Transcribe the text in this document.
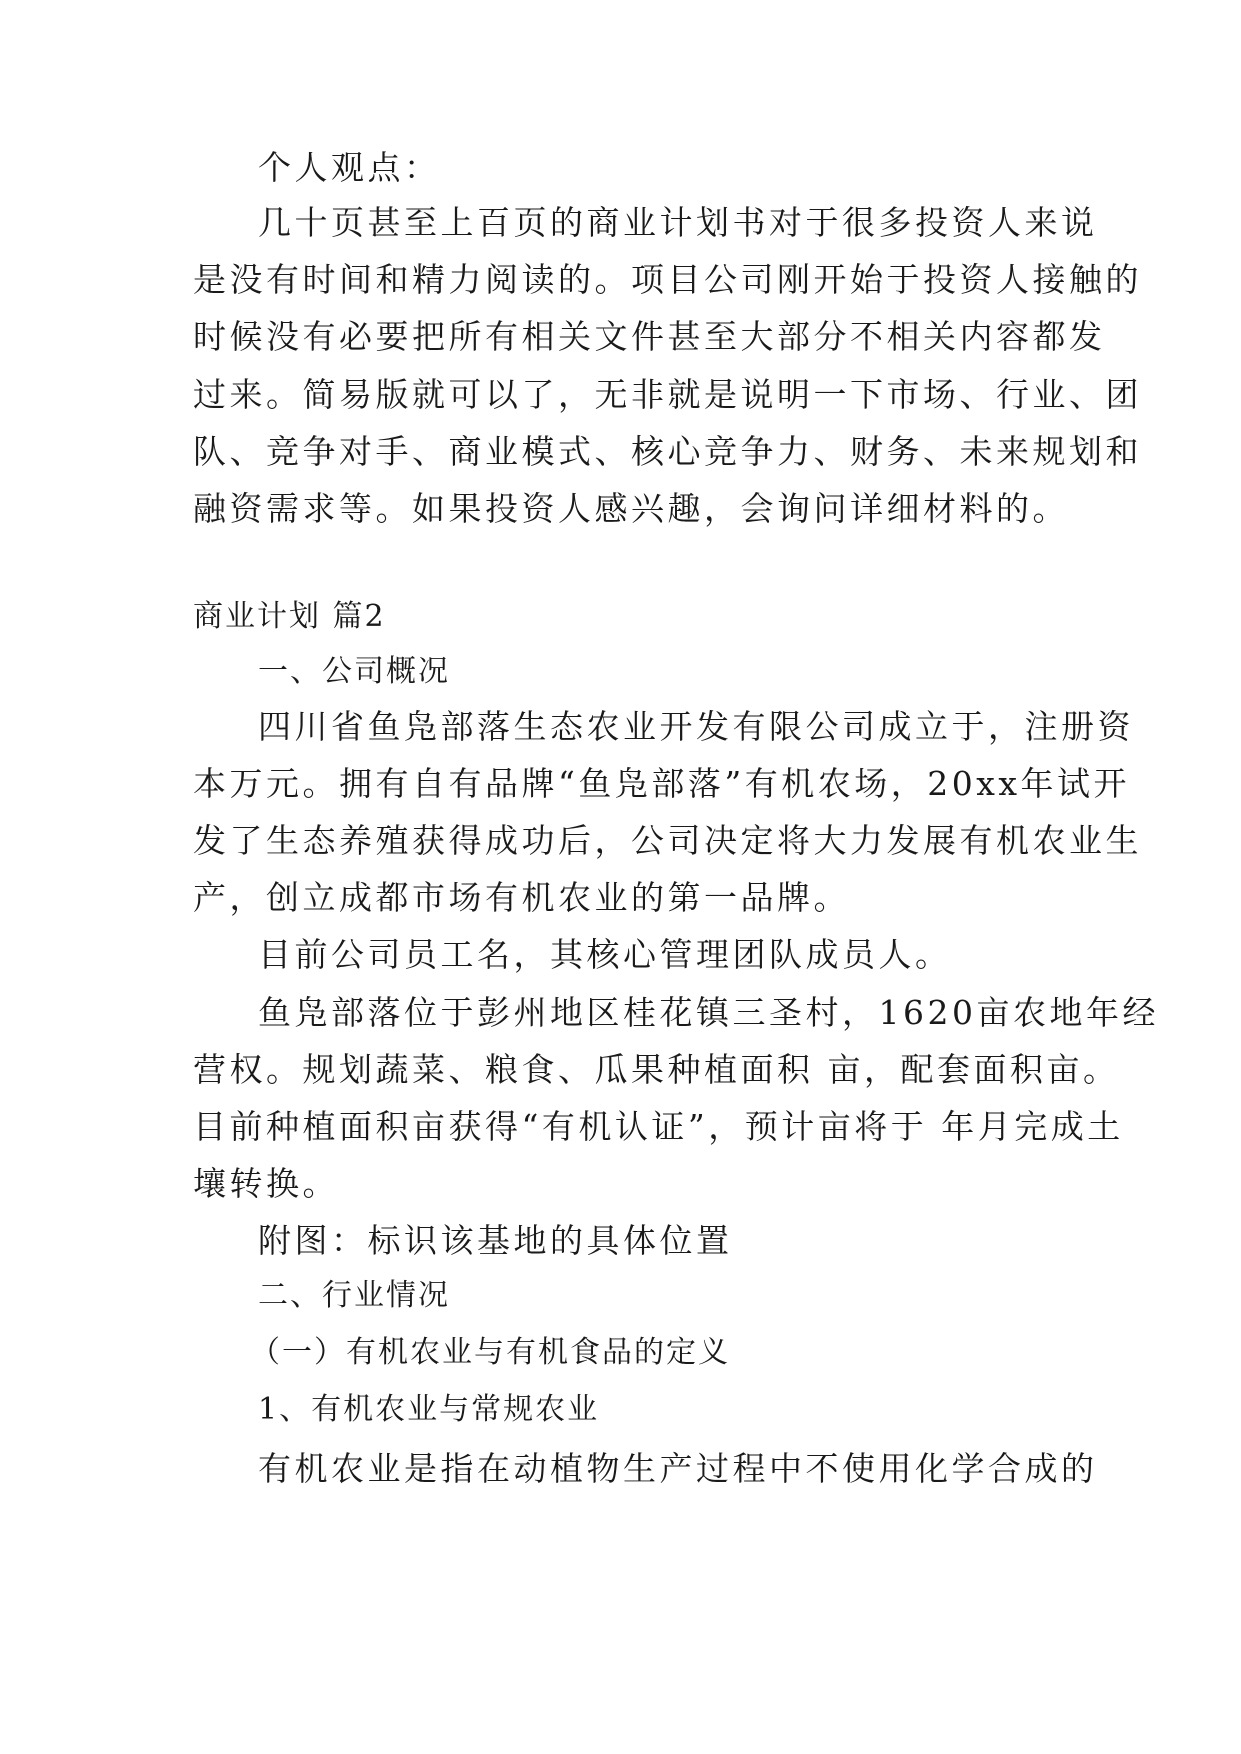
个人观点：
几十页甚至上百页的商业计划书对于很多投资人来说
是没有时间和精力阅读的。项目公司刚开始于投资人接触的
时候没有必要把所有相关文件甚至大部分不相关内容都发
过来。简易版就可以了，无非就是说明一下市场、行业、团
队、竞争对手、商业模式、核心竞争力、财务、未来规划和
融资需求等。如果投资人感兴趣，会询问详细材料的。
商业计划 篇2
一、公司概况
四川省鱼凫部落生态农业开发有限公司成立于，注册资
本万元。拥有自有品牌“鱼凫部落”有机农场，20xx年试开
发了生态养殖获得成功后，公司决定将大力发展有机农业生
产，创立成都市场有机农业的第一品牌。
目前公司员工名，其核心管理团队成员人。
鱼凫部落位于彭州地区桂花镇三圣村，1620亩农地年经
营权。规划蔬菜、粮食、瓜果种植面积 亩，配套面积亩。
目前种植面积亩获得“有机认证”，预计亩将于 年月完成土
壤转换。
附图：标识该基地的具体位置
二、行业情况
（一）有机农业与有机食品的定义
1、有机农业与常规农业
有机农业是指在动植物生产过程中不使用化学合成的
